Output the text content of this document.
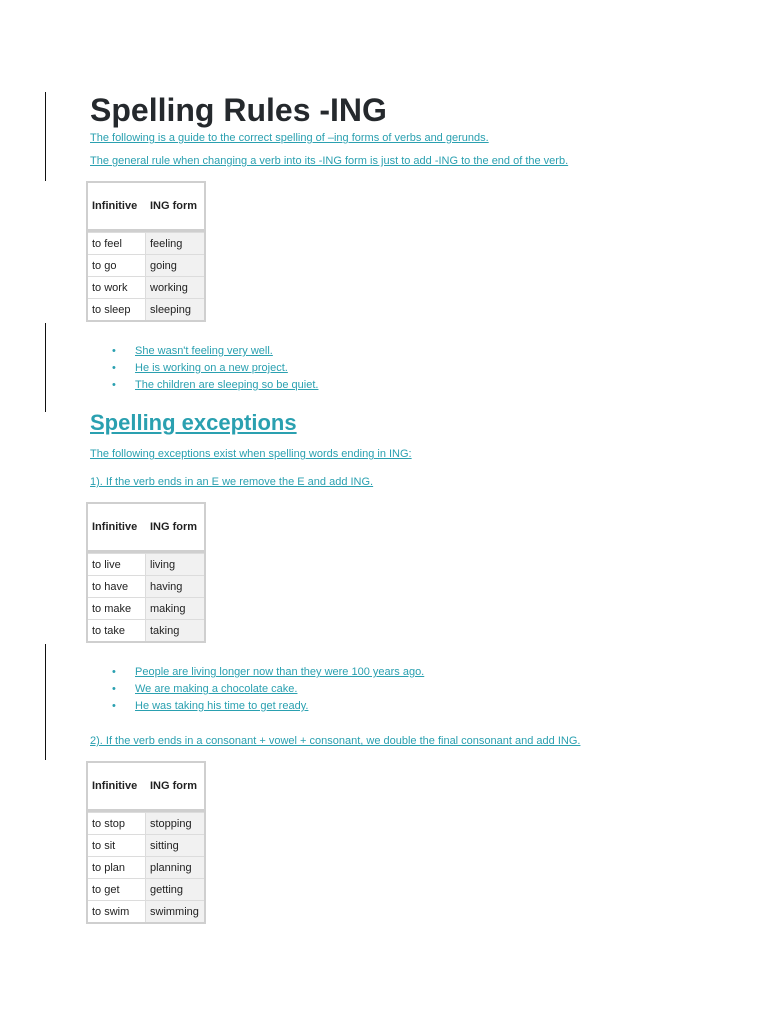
Spelling Rules -ING
The following is a guide to the correct spelling of –ing forms of verbs and gerunds.
The general rule when changing a verb into its -ING form is just to add -ING to the end of the verb.
Infinitive	ING form
to feel	feeling
to go	going
to work	working
to sleep	sleeping
• She wasn't feeling very well.
• He is working on a new project.
• The children are sleeping so be quiet.
Spelling exceptions
The following exceptions exist when spelling words ending in ING:
1). If the verb ends in an E we remove the E and add ING.
Infinitive	ING form
to live	living
to have	having
to make	making
to take	taking
• People are living longer now than they were 100 years ago.
• We are making a chocolate cake.
• He was taking his time to get ready.
2). If the verb ends in a consonant + vowel + consonant, we double the final consonant and add ING.
Infinitive	ING form
to stop	stopping
to sit	sitting
to plan	planning
to get	getting
to swim	swimming
